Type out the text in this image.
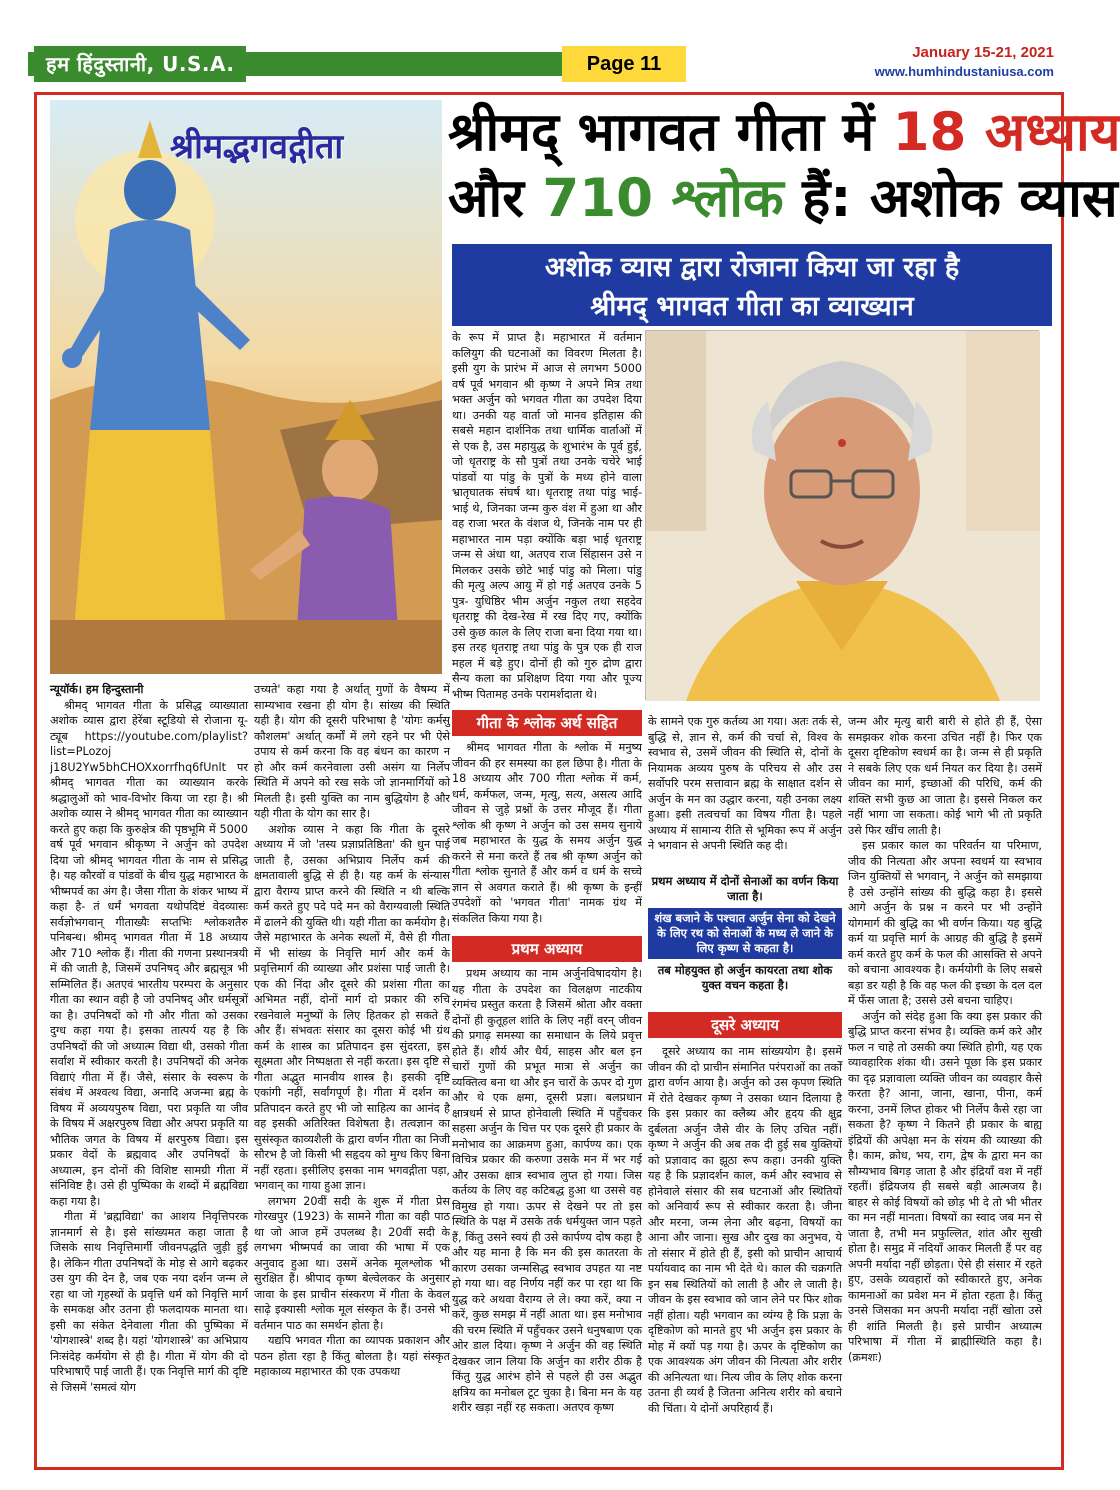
हम हिंदुस्तानी, U.S.A.	Page 11
January 15-21, 2021
www.humhindustaniusa.com
श्रीमद्भगवद्गीता श्रीमद् भागवत गीता में 18 अध्याय
और 710 श्लोक हैं: अशोक व्यास
अशोक व्यास द्वारा रोजाना किया जा रहा है
श्रीमद् भागवत गीता का व्याख्यान

न्यूयॉर्क। हम हिन्दुस्तानी

श्रीमद् भागवत गीता के प्रसिद्ध व्याख्याता अशोक व्यास द्वारा हेरेंबा स्टूडियो से रोजाना यू- ट्यूब https://youtube.com/playlist?list=PLozoj j18U2Yw5bhCHOXxorrfhq6fUnlt पर श्रीमद् भागवत गीता का व्याख्यान करके श्रद्धालुओं को भाव-विभोर किया जा रहा है। श्री अशोक व्यास ने श्रीमद् भागवत गीता का व्याख्यान करते हुए कहा कि कुरुक्षेत्र की पृष्ठभूमि में 5000 वर्ष पूर्व भगवान श्रीकृष्ण ने अर्जुन को उपदेश दिया जो श्रीमद् भागवत गीता के नाम से प्रसिद्ध है। यह कौरवों व पांडवों के बीच युद्ध महाभारत के भीष्मपर्व का अंग है। जैसा गीता के शंकर भाष्य में कहा है- तं धर्मं भगवता यथोपदिष्टं वेदव्यासः सर्वज्ञोभगवान् गीताख्यैः सप्तभिः श्लोकशतैरु पनिबन्ध। श्रीमद् भागवत गीता में 18 अध्याय और 710 श्लोक हैं। गीता की गणना प्रस्थानत्रयी में की जाती है, जिसमें उपनिषद् और ब्रह्मसूत्र भी सम्मिलित हैं। अतएवं भारतीय परम्परा के अनुसार गीता का स्थान वही है जो उपनिषद् और धर्मसूत्रों का है। उपनिषदों को गौ और गीता को उसका दुग्ध कहा गया है। इसका तात्पर्य यह है कि उपनिषदों की जो अध्यात्म विद्या थी, उसको गीता सर्वांश में स्वीकार करती है। उपनिषदों की अनेक विद्याएं गीता में हैं। जैसे, संसार के स्वरूप के संबंध में अश्वत्थ विद्या, अनादि अजन्मा ब्रह्म के विषय में अव्ययपुरुष विद्या, परा प्रकृति या जीव के विषय में अक्षरपुरुष विद्या और अपरा प्रकृति या भौतिक जगत के विषय में क्षरपुरुष विद्या। इस प्रकार वेदों के ब्रह्मवाद और उपनिषदों के अध्यात्म, इन दोनों की विशिष्ट सामग्री गीता में संनिविष्ट है। उसे ही पुष्पिका के शब्दों में ब्रह्मविद्या कहा गया है।

गीता में 'ब्रह्मविद्या' का आशय निवृत्तिपरक ज्ञानमार्ग से है। इसे सांख्यमत कहा जाता है जिसके साथ निवृत्तिमार्गी जीवनपद्धति जुड़ी हुई है। लेकिन गीता उपनिषदों के मोड़ से आगे बढ़कर उस युग की देन है, जब एक नया दर्शन जन्म ले रहा था जो गृहस्थों के प्रवृत्ति धर्म को निवृत्ति मार्ग के समकक्ष और उतना ही फलदायक मानता था। इसी का संकेत देनेवाला गीता की पुष्पिका में 'योगशास्त्रे' शब्द है। यहां 'योगशास्त्रे' का अभिप्राय निःसंदेह कर्मयोग से ही है। गीता में योग की दो परिभाषाएँ पाई जाती हैं। एक निवृत्ति मार्ग की दृष्टि से जिसमें 'समत्वं योग

उच्यते' कहा गया है अर्थात् गुणों के वैषम्य में साम्यभाव रखना ही योग है। सांख्य की स्थिति यही है। योग की दूसरी परिभाषा है 'योगः कर्मसु कौशलम' अर्थात् कर्मों में लगे रहने पर भी ऐसे उपाय से कर्म करना कि वह बंधन का कारण न हो और कर्म करनेवाला उसी असंग या निर्लेप स्थिति में अपने को रख सके जो ज्ञानमार्गियों को मिलती है। इसी युक्ति का नाम बुद्धियोग है और यही गीता के योग का सार है।

अशोक व्यास ने कहा कि गीता के दूसरे अध्याय में जो 'तस्य प्रज्ञाप्रतिष्ठिता' की धुन पाई जाती है, उसका अभिप्राय निर्लेप कर्म की क्षमतावाली बुद्धि से ही है। यह कर्म के संन्यास द्वारा वैराग्य प्राप्त करने की स्थिति न थी बल्कि कर्म करते हुए पदे पदे मन को वैराग्यवाली स्थिति में ढालने की युक्ति थी। यही गीता का कर्मयोग है। जैसे महाभारत के अनेक स्थलों में, वैसे ही गीता में भी सांख्य के निवृत्ति मार्ग और कर्म के प्रवृत्तिमार्ग की व्याख्या और प्रशंसा पाई जाती है। एक की निंदा और दूसरे की प्रशंसा गीता का अभिमत नहीं, दोनों मार्ग दो प्रकार की रुचि रखनेवाले मनुष्यों के लिए हितकर हो सकते हैं और हैं। संभवतः संसार का दूसरा कोई भी ग्रंथ कर्म के शास्त्र का प्रतिपादन इस सुंदरता, इस सूक्ष्मता और निष्पक्षता से नहीं करता। इस दृष्टि से गीता अद्भुत मानवीय शास्त्र है। इसकी दृष्टि एकांगी नहीं, सर्वांगपूर्ण है। गीता में दर्शन का प्रतिपादन करते हुए भी जो साहित्य का आनंद है वह इसकी अतिरिक्त विशेषता है। तत्वज्ञान का सुसंस्कृत काव्यशैली के द्वारा वर्णन गीता का निजी सौरभ है जो किसी भी सहृदय को मुग्ध किए बिना नहीं रहता। इसीलिए इसका नाम भगवद्गीता पड़ा, भगवान् का गाया हुआ ज्ञान।

लगभग 20वीं सदी के शुरू में गीता प्रेस गोरखपुर (1923) के सामने गीता का वही पाठ था जो आज हमें उपलब्ध है। 20वीं सदी के लगभग भीष्मपर्व का जावा की भाषा में एक अनुवाद हुआ था। उसमें अनेक मूलश्लोक भी सुरक्षित हैं। श्रीपाद कृष्ण बेल्वेलकर के अनुसार जावा के इस प्राचीन संस्करण में गीता के केवल साढ़े इक्यासी श्लोक मूल संस्कृत के हैं। उनसे भी वर्तमान पाठ का समर्थन होता है।

यद्यपि भगवत गीता का व्यापक प्रकाशन और पठन होता रहा है किंतु बोलता है। यहां संस्कृत महाकाव्य महाभारत की एक उपकथा

के रूप में प्राप्त है। महाभारत में वर्तमान कलियुग की घटनाओं का विवरण मिलता है। इसी युग के प्रारंभ में आज से लगभग 5000 वर्ष पूर्व भगवान श्री कृष्ण ने अपने मित्र तथा भक्त अर्जुन को भगवत गीता का उपदेश दिया था। उनकी यह वार्ता जो मानव इतिहास की सबसे महान दार्शनिक तथा धार्मिक वार्ताओं में से एक है, उस महायुद्ध के शुभारंभ के पूर्व हुई, जो धृतराष्ट्र के सौ पुत्रों तथा उनके चचेरे भाई पांडवों या पांडु के पुत्रों के मध्य होने वाला भ्रातृघातक संघर्ष था। धृतराष्ट्र तथा पांडु भाई-भाई थे, जिनका जन्म कुरु वंश में हुआ था और वह राजा भरत के वंशज थे, जिनके नाम पर ही महाभारत नाम पड़ा क्योंकि बड़ा भाई धृतराष्ट्र जन्म से अंधा था, अतएव राज सिंहासन उसे न मिलकर उसके छोटे भाई पांडु को मिला। पांडु की मृत्यु अल्प आयु में हो गई अतएव उनके 5 पुत्र- युधिष्ठिर भीम अर्जुन नकुल तथा सहदेव धृतराष्ट्र की देख-रेख में रख दिए गए, क्योंकि उसे कुछ काल के लिए राजा बना दिया गया था। इस तरह धृतराष्ट्र तथा पांडु के पुत्र एक ही राज महल में बड़े हुए। दोनों ही को गुरु द्रोण द्वारा सैन्य कला का प्रशिक्षण दिया गया और पूज्य भीष्म पितामह उनके परामर्शदाता थे।

गीता के श्लोक अर्थ सहित

श्रीमद भागवत गीता के श्लोक में मनुष्य जीवन की हर समस्या का हल छिपा है। गीता के 18 अध्याय और 700 गीता श्लोक में कर्म, धर्म, कर्मफल, जन्म, मृत्यु, सत्य, असत्य आदि जीवन से जुड़े प्रश्नों के उत्तर मौजूद हैं। गीता श्लोक श्री कृष्ण ने अर्जुन को उस समय सुनाये जब महाभारत के युद्ध के समय अर्जुन युद्ध करने से मना करते हैं तब श्री कृष्ण अर्जुन को गीता श्लोक सुनाते हैं और कर्म व धर्म के सच्चे ज्ञान से अवगत कराते हैं। श्री कृष्ण के इन्हीं उपदेशों को 'भगवत गीता' नामक ग्रंथ में संकलित किया गया है।

प्रथम अध्याय

प्रथम अध्याय का नाम अर्जुनविषादयोग है। यह गीता के उपदेश का विलक्षण नाटकीय रंगमंच प्रस्तुत करता है जिसमें श्रोता और वक्ता दोनों ही कुतूहल शांति के लिए नहीं वरन् जीवन की प्रगाढ़ समस्या का समाधान के लिये प्रवृत्त होते हैं। शौर्य और धैर्य, साहस और बल इन चारों गुणों की प्रभूत मात्रा से अर्जुन का व्यक्तित्व बना था और इन चारों के ऊपर दो गुण और थे एक क्षमा, दूसरी प्रज्ञा। बलप्रधान क्षात्रधर्म से प्राप्त होनेवाली स्थिति में पहुँचकर सहसा अर्जुन के चित्त पर एक दूसरे ही प्रकार के मनोभाव का आक्रमण हुआ, कार्पण्य का। एक विचित्र प्रकार की करुणा उसके मन में भर गई और उसका क्षात्र स्वभाव लुप्त हो गया। जिस कर्तव्य के लिए वह कटिबद्ध हुआ था उससे वह विमुख हो गया। ऊपर से देखने पर तो इस स्थिति के पक्ष में उसके तर्क धर्मयुक्त जान पड़ते हैं, किंतु उसने स्वयं ही उसे कार्पण्य दोष कहा है और यह माना है कि मन की इस कातरता के कारण उसका जन्मसिद्ध स्वभाव उपहत या नष्ट हो गया था। वह निर्णय नहीं कर पा रहा था कि युद्ध करे अथवा वैराग्य ले ले। क्या करें, क्या न करें, कुछ समझ में नहीं आता था। इस मनोभाव की चरम स्थिति में पहुँचकर उसने धनुषबाण एक ओर डाल दिया। कृष्ण ने अर्जुन की वह स्थिति देखकर जान लिया कि अर्जुन का शरीर ठीक है किंतु युद्ध आरंभ होने से पहले ही उस अद्भुत क्षत्रिय का मनोबल टूट चुका है। बिना मन के यह शरीर खड़ा नहीं रह सकता। अतएव कृष्ण

के सामने एक गुरु कर्तव्य आ गया। अतः तर्क से, बुद्धि से, ज्ञान से, कर्म की चर्चा से, विश्व के स्वभाव से, उसमें जीवन की स्थिति से, दोनों के नियामक अव्यय पुरुष के परिचय से और उस सर्वोपरि परम सत्तावान ब्रह्म के साक्षात दर्शन से अर्जुन के मन का उद्धार करना, यही उनका लक्ष्य हुआ। इसी तत्वचर्चा का विषय गीता है। पहले अध्याय में सामान्य रीति से भूमिका रूप में अर्जुन ने भगवान से अपनी स्थिति कह दी।

प्रथम अध्याय में दोनों सेनाओं का वर्णन किया जाता है।
शंख बजाने के पश्चात अर्जुन सेना को देखने के लिए रथ को सेनाओं के मध्य ले जाने के लिए कृष्ण से कहता है।
तब मोहयुक्त हो अर्जुन कायरता तथा शोक युक्त वचन कहता है।
दूसरे अध्याय

दूसरे अध्याय का नाम सांख्ययोग है। इसमें जीवन की दो प्राचीन संमानित परंपराओं का तर्कों द्वारा वर्णन आया है। अर्जुन को उस कृपण स्थिति में रोते देखकर कृष्ण ने उसका ध्यान दिलाया है कि इस प्रकार का क्लैब्य और हृदय की क्षुद्र दुर्बलता अर्जुन जैसे वीर के लिए उचित नहीं। कृष्ण ने अर्जुन की अब तक दी हुई सब युक्तियों को प्रज्ञावाद का झूठा रूप कहा। उनकी युक्ति यह है कि प्रज्ञादर्शन काल, कर्म और स्वभाव से होनेवाले संसार की सब घटनाओं और स्थितियों को अनिवार्य रूप से स्वीकार करता है। जीना और मरना, जन्म लेना और बढ़ना, विषयों का आना और जाना। सुख और दुख का अनुभव, ये तो संसार में होते ही हैं, इसी को प्राचीन आचार्य पर्यायवाद का नाम भी देते थे। काल की चक्रगति इन सब स्थितियों को लाती है और ले जाती है। जीवन के इस स्वभाव को जान लेने पर फिर शोक नहीं होता। यही भगवान का व्यंग्य है कि प्रज्ञा के दृष्टिकोण को मानते हुए भी अर्जुन इस प्रकार के मोह में क्यों पड़ गया है। ऊपर के दृष्टिकोण का एक आवश्यक अंग जीवन की नित्यता और शरीर की अनित्यता था। नित्य जीव के लिए शोक करना उतना ही व्यर्थ है जितना अनित्य शरीर को बचाने की चिंता। ये दोनों अपरिहार्य हैं।

जन्म और मृत्यु बारी बारी से होते ही हैं, ऐसा समझकर शोक करना उचित नहीं है। फिर एक दूसरा दृष्टिकोण स्वधर्म का है। जन्म से ही प्रकृति ने सबके लिए एक धर्म नियत कर दिया है। उसमें जीवन का मार्ग, इच्छाओं की परिधि, कर्म की शक्ति सभी कुछ आ जाता है। इससे निकल कर नहीं भागा जा सकता। कोई भागे भी तो प्रकृति उसे फिर खींच लाती है।

इस प्रकार काल का परिवर्तन या परिमाण, जीव की नित्यता और अपना स्वधर्म या स्वभाव जिन युक्तियों से भगवान्, ने अर्जुन को समझाया है उसे उन्होंने सांख्य की बुद्धि कहा है। इससे आगे अर्जुन के प्रश्न न करने पर भी उन्होंने योगमार्ग की बुद्धि का भी वर्णन किया। यह बुद्धि कर्म या प्रवृत्ति मार्ग के आग्रह की बुद्धि है इसमें कर्म करते हुए कर्म के फल की आसक्ति से अपने को बचाना आवश्यक है। कर्मयोगी के लिए सबसे बड़ा डर यही है कि वह फल की इच्छा के दल दल में फँस जाता है; उससे उसे बचना चाहिए।

अर्जुन को संदेह हुआ कि क्या इस प्रकार की बुद्धि प्राप्त करना संभव है। व्यक्ति कर्म करे और फल न चाहे तो उसकी क्या स्थिति होगी, यह एक व्यावहारिक शंका थी। उसने पूछा कि इस प्रकार का दृढ़ प्रज्ञावाला व्यक्ति जीवन का व्यवहार कैसे करता है? आना, जाना, खाना, पीना, कर्म करना, उनमें लिप्त होकर भी निर्लेप कैसे रहा जा सकता है? कृष्ण ने कितने ही प्रकार के बाह्य इंद्रियों की अपेक्षा मन के संयम की व्याख्या की है। काम, क्रोध, भय, राग, द्वेष के द्वारा मन का सौम्यभाव बिगड़ जाता है और इंद्रियाँ वश में नहीं रहतीं। इंद्रियजय ही सबसे बड़ी आत्मजय है। बाहर से कोई विषयों को छोड़ भी दे तो भी भीतर का मन नहीं मानता। विषयों का स्वाद जब मन से जाता है, तभी मन प्रफुल्लित, शांत और सुखी होता है। समुद्र में नदियाँ आकर मिलती हैं पर वह अपनी मर्यादा नहीं छोड़ता। ऐसे ही संसार में रहते हुए, उसके व्यवहारों को स्वीकारते हुए, अनेक कामनाओं का प्रवेश मन में होता रहता है। किंतु उनसे जिसका मन अपनी मर्यादा नहीं खोता उसे ही शांति मिलती है। इसे प्राचीन अध्यात्म परिभाषा में गीता में ब्राह्मीस्थिति कहा है। (क्रमशः)
